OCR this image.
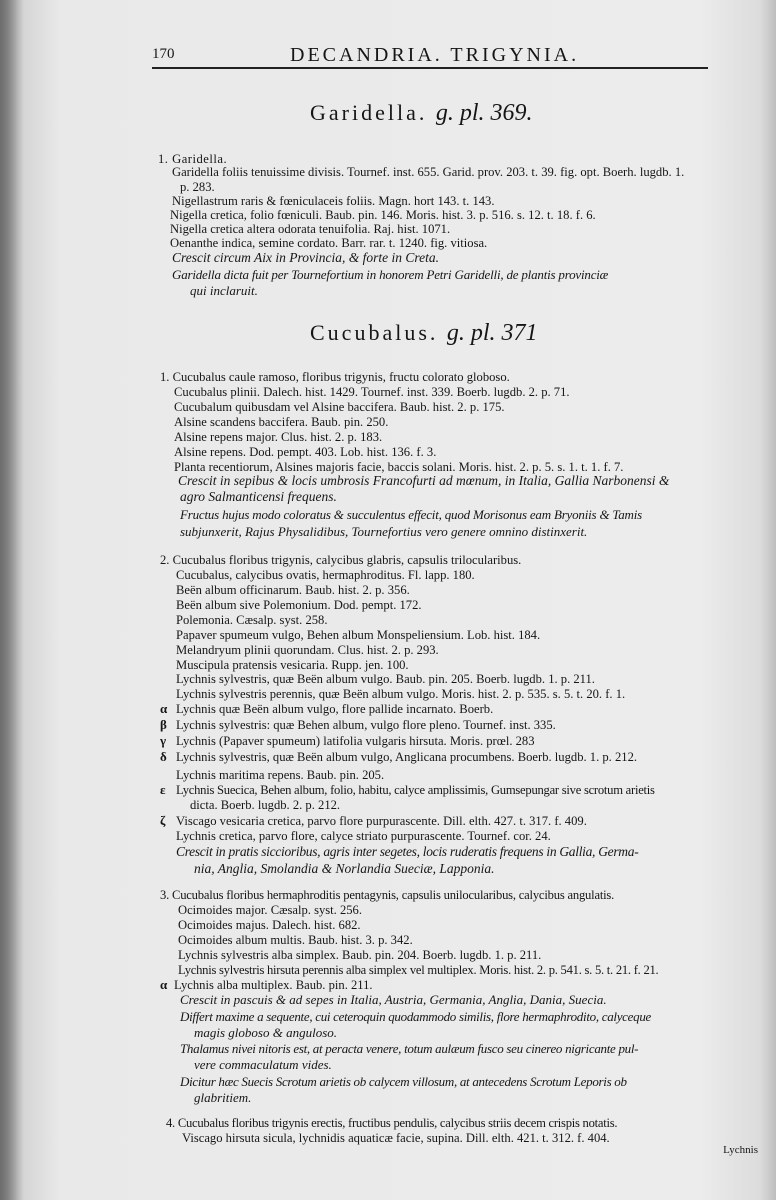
170	DECANDRIA. TRIGYNIA.
Garidella. g. pl. 369.
1. Garidella.
Garidella foliis tenuissime divisis. Tournef. inst. 655. Garid. prov. 203. t. 39. fig. opt. Boerh. lugdb. 1.
p. 283.
Nigellastrum raris & fœniculaceis foliis. Magn. hort 143. t. 143.
Nigella cretica, folio fœniculi. Baub. pin. 146. Moris. hist. 3. p. 516. s. 12. t. 18. f. 6.
Nigella cretica altera odorata tenuifolia. Raj. hist. 1071.
Oenanthe indica, semine cordato. Barr. rar. t. 1240. fig. vitiosa.
Crescit circum Aix in Provincia, & forte in Creta.
Garidella dicta fuit per Tournefortium in honorem Petri Garidelli, de plantis provinciæ
qui inclaruit.
Cucubalus. g. pl. 371
1. Cucubalus caule ramoso, floribus trigynis, fructu colorato globoso.
Cucubalus plinii. Dalech. hist. 1429. Tournef. inst. 339. Boerb. lugdb. 2. p. 71.
Cucubalum quibusdam vel Alsine baccifera. Baub. hist. 2. p. 175.
Alsine scandens baccifera. Baub. pin. 250.
Alsine repens major. Clus. hist. 2. p. 183.
Alsine repens. Dod. pempt. 403. Lob. hist. 136. f. 3.
Planta recentiorum, Alsines majoris facie, baccis solani. Moris. hist. 2. p. 5. s. 1. t. 1. f. 7.
Crescit in sepibus & locis umbrosis Francofurti ad mœnum, in Italia, Gallia Narbonensi &
agro Salmanticensi frequens.
Fructus hujus modo coloratus & succulentus effecit, quod Morisonus eam Bryoniis & Tamis
subjunxerit, Rajus Physalidibus, Tournefortius vero genere omnino distinxerit.
2. Cucubalus floribus trigynis, calycibus glabris, capsulis trilocularibus.
Cucubalus, calycibus ovatis, hermaphroditus. Fl. lapp. 180.
Beën album officinarum. Baub. hist. 2. p. 356.
Beën album sive Polemonium. Dod. pempt. 172.
Polemonia. Cæsalp. syst. 258.
Papaver spumeum vulgo, Behen album Monspeliensium. Lob. hist. 184.
Melandryum plinii quorundam. Clus. hist. 2. p. 293.
Muscipula pratensis vesicaria. Rupp. jen. 100.
Lychnis sylvestris, quæ Beën album vulgo. Baub. pin. 205. Boerb. lugdb. 1. p. 211.
Lychnis sylvestris perennis, quæ Beën album vulgo. Moris. hist. 2. p. 535. s. 5. t. 20. f. 1.
α Lychnis quæ Beën album vulgo, flore pallide incarnato. Boerb.
β Lychnis sylvestris: quæ Behen album, vulgo flore pleno. Tournef. inst. 335.
γ Lychnis (Papaver spumeum) latifolia vulgaris hirsuta. Moris. prœl. 283
δ Lychnis sylvestris, quæ Beën album vulgo, Anglicana procumbens. Boerb. lugdb. 1. p. 212.
Lychnis maritima repens. Baub. pin. 205.
ε Lychnis Suecica, Behen album, folio, habitu, calyce amplissimis, Gumsepungar sive scrotum arietis
dicta. Boerb. lugdb. 2. p. 212.
ζ Viscago vesicaria cretica, parvo flore purpurascente. Dill. elth. 427. t. 317. f. 409.
Lychnis cretica, parvo flore, calyce striato purpurascente. Tournef. cor. 24.
Crescit in pratis siccioribus, agris inter segetes, locis ruderatis frequens in Gallia, Germa-
nia, Anglia, Smolandia & Norlandia Sueciæ, Lapponia.
3. Cucubalus floribus hermaphroditis pentagynis, capsulis unilocularibus, calycibus angulatis.
Ocimoides major. Cæsalp. syst. 256.
Ocimoides majus. Dalech. hist. 682.
Ocimoides album multis. Baub. hist. 3. p. 342.
Lychnis sylvestris alba simplex. Baub. pin. 204. Boerb. lugdb. 1. p. 211.
Lychnis sylvestris hirsuta perennis alba simplex vel multiplex. Moris. hist. 2. p. 541. s. 5. t. 21. f. 21.
α Lychnis alba multiplex. Baub. pin. 211.
Crescit in pascuis & ad sepes in Italia, Austria, Germania, Anglia, Dania, Suecia.
Differt maxime a sequente, cui ceteroquin quodammodo similis, flore hermaphrodito, calyceque
magis globoso & anguloso.
Thalamus nivei nitoris est, at peracta venere, totum aulæum fusco seu cinereo nigricante pul-
vere commaculatum vides.
Dicitur hæc Suecis Scrotum arietis ob calycem villosum, at antecedens Scrotum Leporis ob
glabritiem.
4. Cucubalus floribus trigynis erectis, fructibus pendulis, calycibus striis decem crispis notatis.
Viscago hirsuta sicula, lychnidis aquaticæ facie, supina. Dill. elth. 421. t. 312. f. 404.
Lychnis
